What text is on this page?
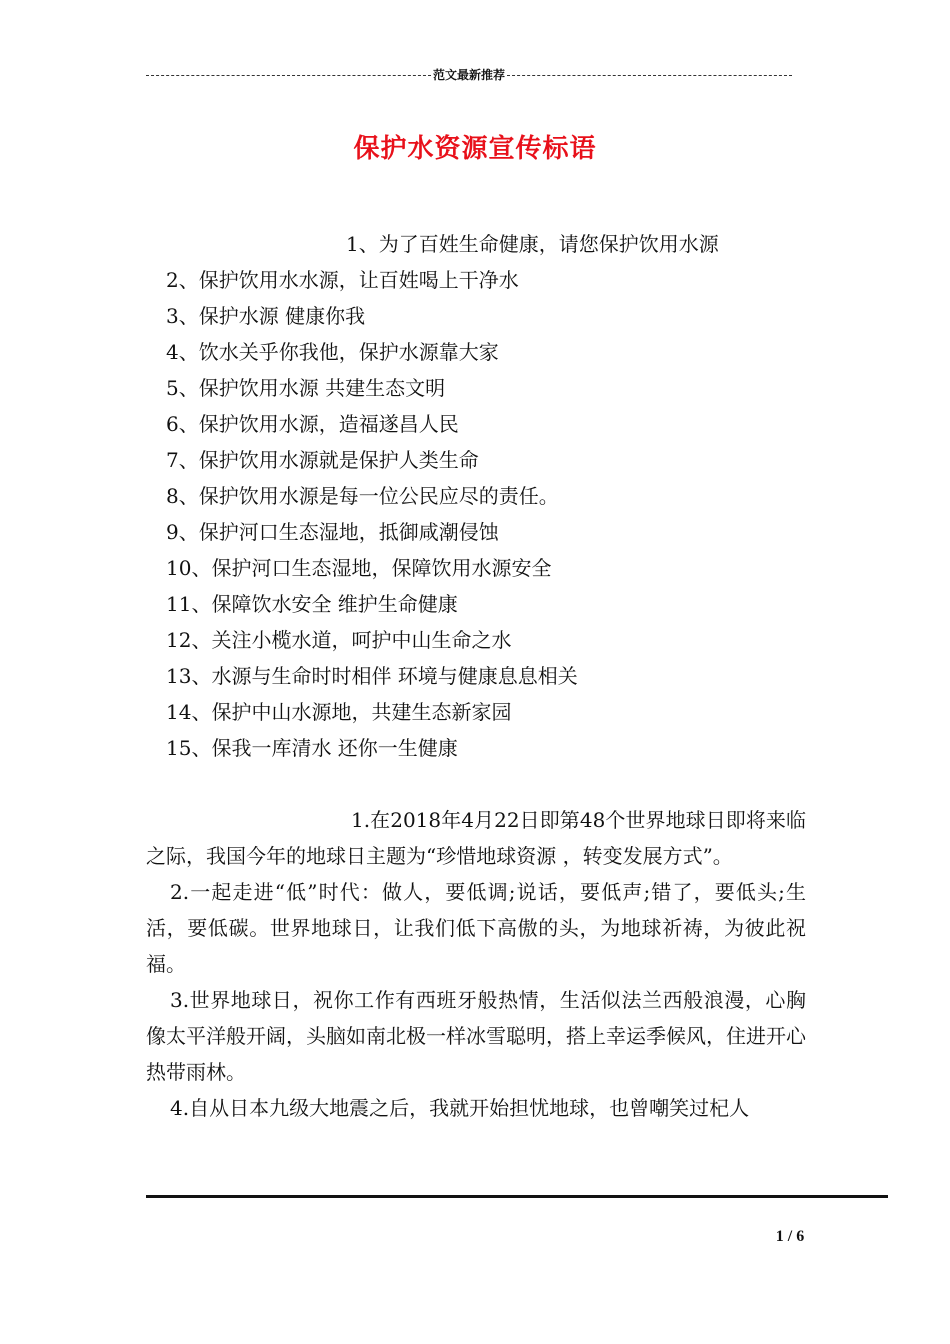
范文最新推荐
保护水资源宣传标语
1、为了百姓生命健康，请您保护饮用水源
2、保护饮用水水源，让百姓喝上干净水
3、保护水源 健康你我
4、饮水关乎你我他，保护水源靠大家
5、保护饮用水源 共建生态文明
6、保护饮用水源，造福遂昌人民
7、保护饮用水源就是保护人类生命
8、保护饮用水源是每一位公民应尽的责任。
9、保护河口生态湿地，抵御咸潮侵蚀
10、保护河口生态湿地，保障饮用水源安全
11、保障饮水安全 维护生命健康
12、关注小榄水道，呵护中山生命之水
13、水源与生命时时相伴 环境与健康息息相关
14、保护中山水源地，共建生态新家园
15、保我一库清水 还你一生健康

1.在2018年4月22日即第48个世界地球日即将来临之际，我国今年的地球日主题为“珍惜地球资源 ，转变发展方式”。

2.一起走进“低”时代：做人，要低调;说话，要低声;错了，要低头;生活，要低碳。世界地球日，让我们低下高傲的头，为地球祈祷，为彼此祝福。

3.世界地球日，祝你工作有西班牙般热情，生活似法兰西般浪漫，心胸像太平洋般开阔，头脑如南北极一样冰雪聪明，搭上幸运季候风，住进开心热带雨林。

4.自从日本九级大地震之后，我就开始担忧地球，也曾嘲笑过杞人

1 / 6
